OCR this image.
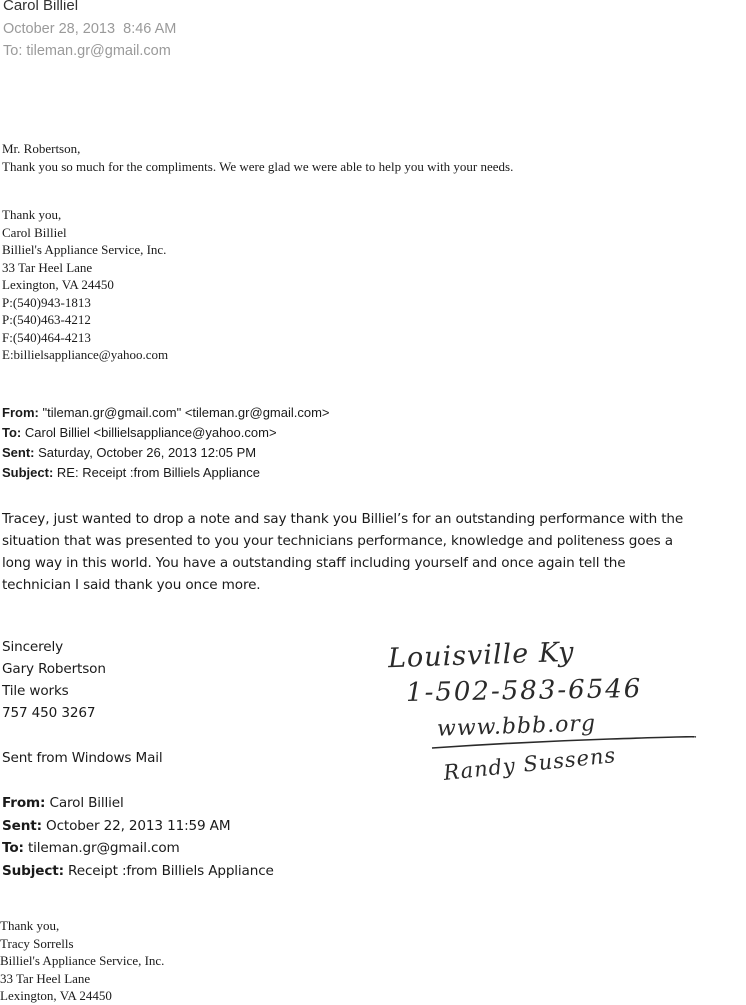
Carol Billiel
October 28, 2013 8:46 AM
To: tileman.gr@gmail.com
Mr. Robertson,
Thank you so much for the compliments. We were glad we were able to help you with your needs.
Thank you,
Carol Billiel
Billiel's Appliance Service, Inc.
33 Tar Heel Lane
Lexington, VA 24450
P:(540)943-1813
P:(540)463-4212
F:(540)464-4213
E:billielsappliance@yahoo.com
From: "tileman.gr@gmail.com" <tileman.gr@gmail.com>
To: Carol Billiel <billielsappliance@yahoo.com>
Sent: Saturday, October 26, 2013 12:05 PM
Subject: RE: Receipt :from Billiels Appliance
Tracey, just wanted to drop a note and say thank you Billiel’s for an outstanding performance with the
situation that was presented to you your technicians performance, knowledge and politeness goes a
long way in this world. You have a outstanding staff including yourself and once again tell the
technician I said thank you once more.
Sincerely
Gary Robertson
Tile works
757 450 3267
Sent from Windows Mail
Louisville Ky
1-502-583-6546
www.bbb.org
Randy Sussens
From: Carol Billiel
Sent: October 22, 2013 11:59 AM
To: tileman.gr@gmail.com
Subject: Receipt :from Billiels Appliance
Thank you,
Tracy Sorrells
Billiel's Appliance Service, Inc.
33 Tar Heel Lane
Lexington, VA 24450
